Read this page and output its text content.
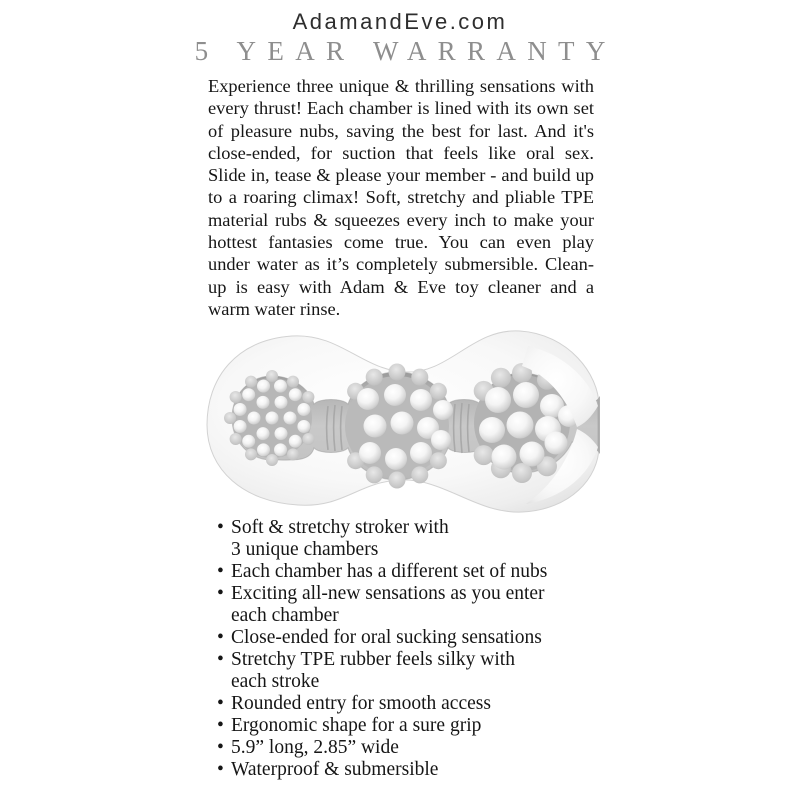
AdamandEve.com
5 YEAR WARRANTY
Experience three unique & thrilling sensations with every thrust! Each chamber is lined with its own set of pleasure nubs, saving the best for last. And it's close-ended, for suction that feels like oral sex. Slide in, tease & please your member - and build up to a roaring climax! Soft, stretchy and pliable TPE material rubs & squeezes every inch to make your hottest fantasies come true. You can even play under water as it’s completely submersible. Clean-up is easy with Adam & Eve toy cleaner and a warm water rinse.
• Soft & stretchy stroker with
3 unique chambers
• Each chamber has a different set of nubs
• Exciting all-new sensations as you enter
each chamber
• Close-ended for oral sucking sensations
• Stretchy TPE rubber feels silky with
each stroke
• Rounded entry for smooth access
• Ergonomic shape for a sure grip
• 5.9” long, 2.85” wide
• Waterproof & submersible
